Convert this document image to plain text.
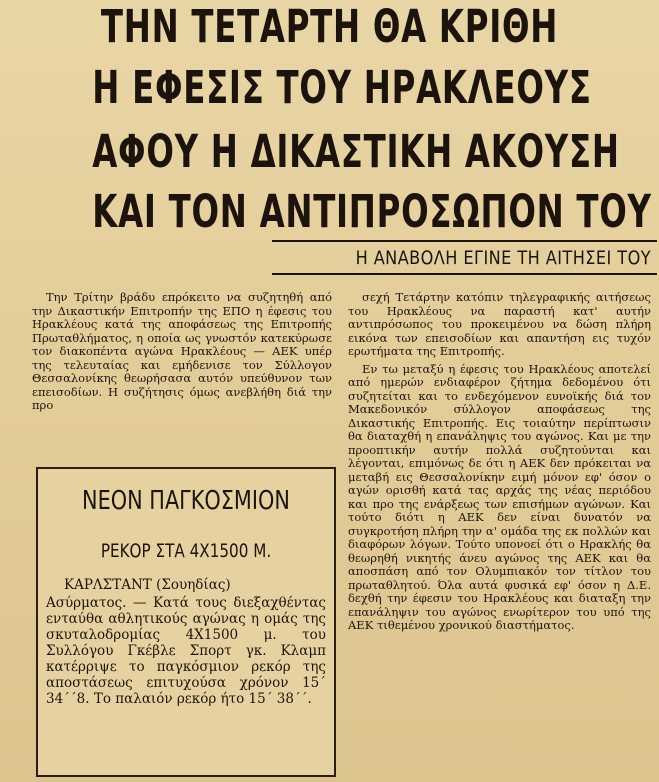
ΤΗΝ ΤΕΤΑΡΤΗ ΘΑ ΚΡΙΘΗ
Η ΕΦΕΣΙΣ ΤΟΥ ΗΡΑΚΛΕΟΥΣ
ΑΦΟΥ Η ΔΙΚΑΣΤΙΚΗ ΑΚΟΥΣΗ
ΚΑΙ ΤΟΝ ΑΝΤΙΠΡΟΣΩΠΟΝ ΤΟΥ
Η ΑΝΑΒΟΛΗ ΕΓΙΝΕ ΤΗ ΑΙΤΗΣΕΙ ΤΟΥ

Την Τρίτην βράδυ επρόκειτο να συζητηθή από την Δικαστικήν Επιτροπήν της ΕΠΟ η έφεσις του Ηρακλέους κατά της αποφάσεως της Επιτροπής Πρωταθλήματος, η οποία ως γνωστόν κατεκύρωσε τον διακοπέντα αγώνα Ηρακλέους — ΑΕΚ υπέρ της τελευταίας και εμήδενισε τον Σύλλογον Θεσσαλονίκης θεωρήσασα αυτόν υπεύθυνον των επεισοδίων. Η συζήτησις όμως ανεβλήθη διά την προ

σεχή Τετάρτην κατόπιν τηλεγραφικής αιτήσεως του Ηρακλέους να παραστή κατ' αυτήν αντιπρόσωπος του προκειμένου να δώση πλήρη εικόνα των επεισοδίων και απαντήση εις τυχόν ερωτήματα της Επιτροπής.

Εν τω μεταξύ η έφεσις του Ηρακλέους αποτελεί από ημερών ενδιαφέρον ζήτημα δεδομένου ότι συζητείται και το ενδεχόμενον ευνοϊκής διά τον Μακεδονικόν σύλλογον αποφάσεως της Δικαστικής Επιτροπής. Εις τοιαύτην περίπτωσιν θα διαταχθή η επανάληψις του αγώνος. Και με την προοπτικήν αυτήν πολλά συζητούνται και λέγονται, επιμόνως δε ότι η ΑΕΚ δεν πρόκειται να μεταβή εις Θεσσαλονίκην ειμή μόνον εφ' όσον ο αγών ορισθή κατά τας αρχάς της νέας περιόδου και προ της ενάρξεως των επισήμων αγώνων. Και τούτο διότι η ΑΕΚ δεν είναι δυνατόν να συγκροτήση πλήρη την α' ομάδα της εκ πολλών και διαφόρων λόγων. Τούτο υπονοεί ότι ο Ηρακλής θα θεωρηθή νικητής άνευ αγώνος της ΑΕΚ και θα αποσπάση από τον Ολυμπιακόν τον τίτλον του πρωταθλητού. Όλα αυτά φυσικά εφ' όσον η Δ.Ε. δεχθή την έφεσιν του Ηρακλέους και διαταξη την επανάληψιν του αγώνος ενωρίτερον του υπό της ΑΕΚ τιθεμένου χρονικού διαστήματος.

ΝΕΟΝ ΠΑΓΚΟΣΜΙΟΝ
ΡΕΚΟΡ ΣΤΑ 4Χ1500 Μ.
ΚΑΡΛΣΤΑΝΤ (Σουηδίας)
Ασύρματος. — Κατά τους διεξαχθέντας ενταύθα αθλητικούς αγώνας η ομάς της σκυταλοδρομίας 4Χ1500 μ. του Συλλόγου Γκέβλε Σπορτ γκ. Κλαμπ κατέρριψε το παγκόσμιον ρεκόρ της αποστάσεως επιτυχούσα χρόνον 15΄ 34΄΄8. Το παλαιόν ρεκόρ ήτο 15΄ 38΄΄.
